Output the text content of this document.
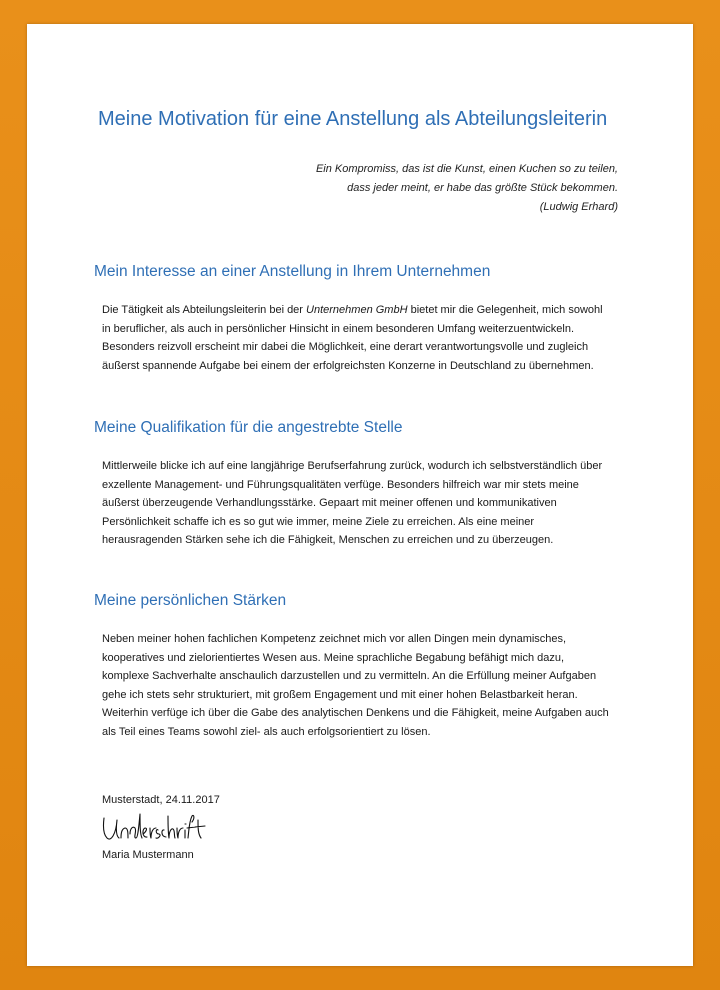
Meine Motivation für eine Anstellung als Abteilungsleiterin
Ein Kompromiss, das ist die Kunst, einen Kuchen so zu teilen,
dass jeder meint, er habe das größte Stück bekommen.
(Ludwig Erhard)
Mein Interesse an einer Anstellung in Ihrem Unternehmen

Die Tätigkeit als Abteilungsleiterin bei der Unternehmen GmbH bietet mir die Gelegenheit, mich sowohl in beruflicher, als auch in persönlicher Hinsicht in einem besonderen Umfang weiterzuentwickeln. Besonders reizvoll erscheint mir dabei die Möglichkeit, eine derart verantwortungsvolle und zugleich äußerst spannende Aufgabe bei einem der erfolgreichsten Konzerne in Deutschland zu übernehmen.

Meine Qualifikation für die angestrebte Stelle

Mittlerweile blicke ich auf eine langjährige Berufserfahrung zurück, wodurch ich selbstverständlich über exzellente Management- und Führungsqualitäten verfüge. Besonders hilfreich war mir stets meine äußerst überzeugende Verhandlungsstärke. Gepaart mit meiner offenen und kommunikativen Persönlichkeit schaffe ich es so gut wie immer, meine Ziele zu erreichen. Als eine meiner herausragenden Stärken sehe ich die Fähigkeit, Menschen zu erreichen und zu überzeugen.

Meine persönlichen Stärken

Neben meiner hohen fachlichen Kompetenz zeichnet mich vor allen Dingen mein dynamisches, kooperatives und zielorientiertes Wesen aus. Meine sprachliche Begabung befähigt mich dazu, komplexe Sachverhalte anschaulich darzustellen und zu vermitteln. An die Erfüllung meiner Aufgaben gehe ich stets sehr strukturiert, mit großem Engagement und mit einer hohen Belastbarkeit heran. Weiterhin verfüge ich über die Gabe des analytischen Denkens und die Fähigkeit, meine Aufgaben auch als Teil eines Teams sowohl ziel- als auch erfolgsorientiert zu lösen.

Musterstadt, 24.11.2017
Maria Mustermann
